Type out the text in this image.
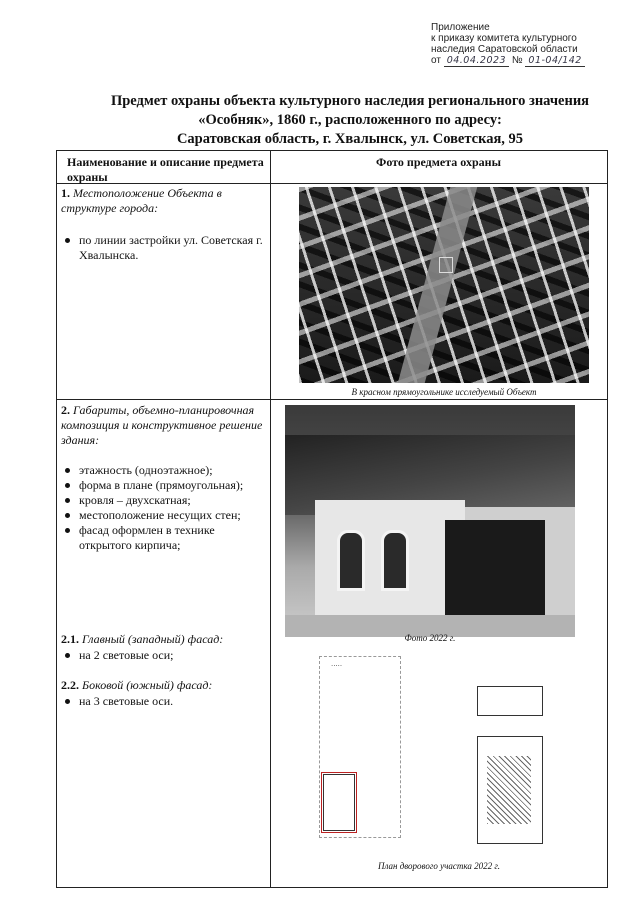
Приложение
к приказу комитета культурного
наследия Саратовской области
от 04.04.2023 № 01-04/142
Предмет охраны объекта культурного наследия регионального значения
«Особняк», 1860 г., расположенного по адресу:
Саратовская область, г. Хвалынск, ул. Советская, 95
Наименование и описание предмета охраны
Фото предмета охраны
1. Местоположение Объекта в структуре города:
по линии застройки ул. Советская г. Хвалынска.
В красном прямоугольнике исследуемый Объект
2. Габариты, объемно-планировочная композиция и конструктивное решение здания:
этажность (одноэтажное);
форма в плане (прямоугольная);
кровля – двухскатная;
местоположение несущих стен;
фасад оформлен в технике открытого кирпича;
Фото 2022 г.
2.1. Главный (западный) фасад:
на 2 световые оси;
2.2. Боковой (южный) фасад:
на 3 световые оси.
·····
План дворового участка 2022 г.
